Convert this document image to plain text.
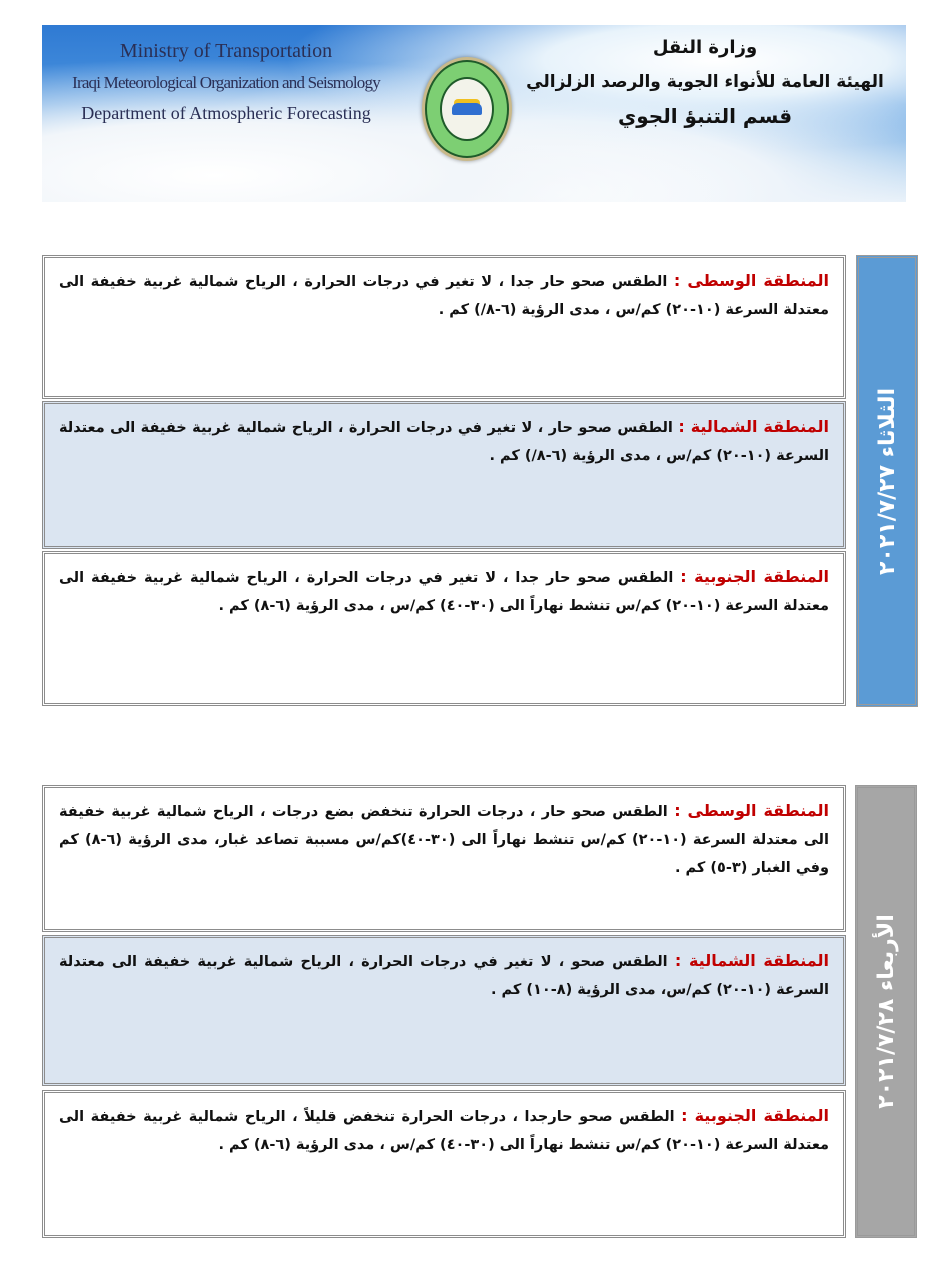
Ministry of Transportation
Iraqi Meteorological Organization and Seismology
Department of Atmospheric Forecasting
وزارة النقل
الهيئة العامة للأنواء الجوية والرصد الزلزالي
قسم التنبؤ الجوي
المنطقة الوسطى : الطقس صحو حار جدا ، لا تغير في درجات الحرارة ، الرياح شمالية غربية خفيفة الى معتدلة السرعة (١٠-٢٠) كم/س ، مدى الرؤية (٦-٨/) كم .
المنطقة الشمالية : الطقس صحو حار ، لا تغير في درجات الحرارة ، الرياح شمالية غربية خفيفة الى معتدلة السرعة (١٠-٢٠) كم/س ، مدى الرؤية (٦-٨/) كم .
المنطقة الجنوبية : الطقس صحو حار جدا ، لا تغير في درجات الحرارة ، الرياح شمالية غربية خفيفة الى معتدلة السرعة (١٠-٢٠) كم/س تنشط نهاراً الى (٣٠-٤٠) كم/س ، مدى الرؤية (٦-٨) كم .
الثلاثاء ٢٠٢١/٧/٢٧
المنطقة الوسطى : الطقس صحو حار ، درجات الحرارة تنخفض بضع درجات ، الرياح شمالية غربية خفيفة الى معتدلة السرعة (١٠-٢٠) كم/س تنشط نهاراً الى (٣٠-٤٠)كم/س مسببة تصاعد غبار، مدى الرؤية (٦-٨) كم وفي الغبار (٣-٥) كم .
المنطقة الشمالية : الطقس صحو ، لا تغير في درجات الحرارة ، الرياح شمالية غربية خفيفة الى معتدلة السرعة (١٠-٢٠) كم/س، مدى الرؤية (٨-١٠) كم .
المنطقة الجنوبية : الطقس صحو حارجدا ، درجات الحرارة تنخفض قليلاً ، الرياح شمالية غربية خفيفة الى معتدلة السرعة (١٠-٢٠) كم/س تنشط نهاراً الى (٣٠-٤٠) كم/س ، مدى الرؤية (٦-٨) كم .
الأربعاء ٢٠٢١/٧/٢٨
